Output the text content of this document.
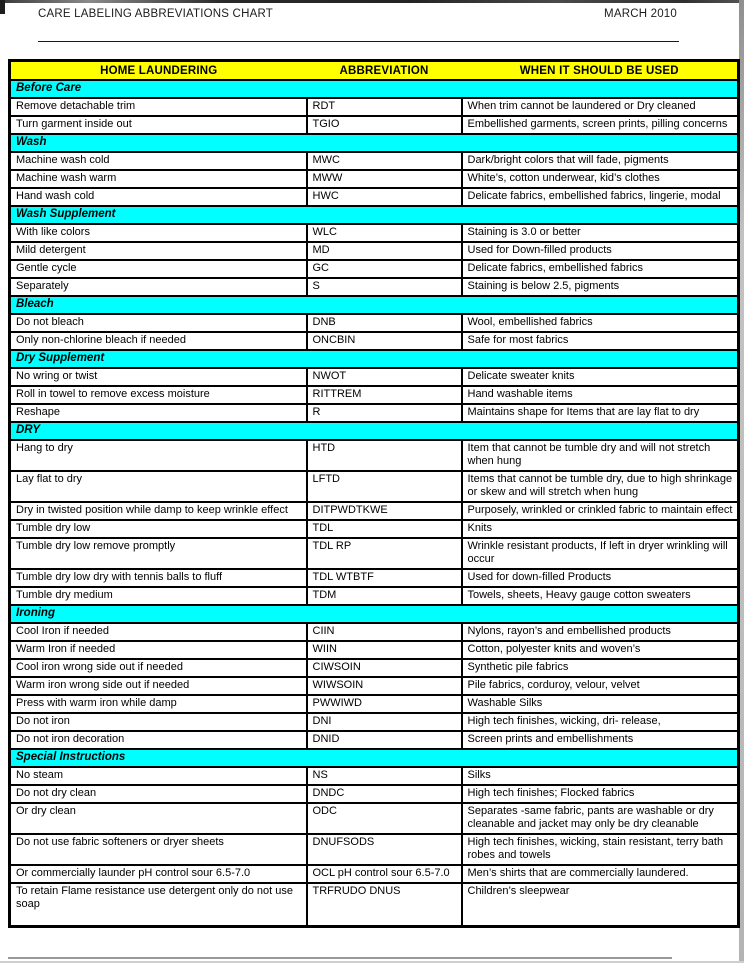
CARE LABELING ABBREVIATIONS CHART	MARCH 2010
HOME LAUNDERING	ABBREVIATION	WHEN IT SHOULD BE USED
Before Care		
Remove detachable trim	RDT	When trim cannot be laundered or Dry cleaned
Turn garment inside out	TGIO	Embellished garments, screen prints, pilling concerns
Wash		
Machine wash cold	MWC	Dark/bright colors that will fade, pigments
Machine wash warm	MWW	White’s, cotton underwear, kid’s clothes
Hand wash cold	HWC	Delicate fabrics, embellished fabrics, lingerie, modal
Wash Supplement		
With like colors	WLC	Staining is 3.0 or better
Mild detergent	MD	Used for Down-filled products
Gentle cycle	GC	Delicate fabrics, embellished fabrics
Separately	S	Staining is below 2.5, pigments
Bleach		
Do not bleach	DNB	Wool, embellished fabrics
Only non-chlorine bleach if needed	ONCBIN	Safe for most fabrics
Dry Supplement		
No wring or twist	NWOT	Delicate sweater knits
Roll in towel to remove excess moisture	RITTREM	Hand washable items
Reshape	R	Maintains shape for Items that are lay flat to dry
DRY		
Hang to dry	HTD	Item that cannot be tumble dry and will not stretch when hung
Lay flat to dry	LFTD	Items that cannot be tumble dry, due to high shrinkage or skew and will stretch when hung
Dry in twisted position while damp to keep wrinkle effect	DITPWDTKWE	Purposely, wrinkled or crinkled fabric to maintain effect
Tumble dry low	TDL	Knits
Tumble dry low remove promptly	TDL RP	Wrinkle resistant products, If left in dryer wrinkling will occur
Tumble dry low dry with tennis balls to fluff	TDL WTBTF	Used for down-filled Products
Tumble dry medium	TDM	Towels, sheets, Heavy gauge cotton sweaters
Ironing		
Cool Iron if needed	CIIN	Nylons, rayon’s and embellished products
Warm Iron if needed	WIIN	Cotton, polyester knits and woven’s
Cool iron wrong side out if needed	CIWSOIN	Synthetic pile fabrics
Warm iron wrong side out if needed	WIWSOIN	Pile fabrics, corduroy, velour, velvet
Press with warm iron while damp	PWWIWD	Washable Silks
Do not iron	DNI	High tech finishes, wicking, dri- release,
Do not iron decoration	DNID	Screen prints and embellishments
Special Instructions		
No steam	NS	Silks
Do not dry clean	DNDC	High tech finishes; Flocked fabrics
Or dry clean	ODC	Separates -same fabric, pants are washable or dry cleanable and jacket may only be dry cleanable
Do not use fabric softeners or dryer sheets	DNUFSODS	High tech finishes, wicking, stain resistant, terry bath robes and towels
Or commercially launder pH control sour 6.5-7.0	OCL pH control sour 6.5-7.0	Men’s shirts that are commercially laundered.
To retain Flame resistance use detergent only do not use soap	TRFRUDO DNUS	Children’s sleepwear
